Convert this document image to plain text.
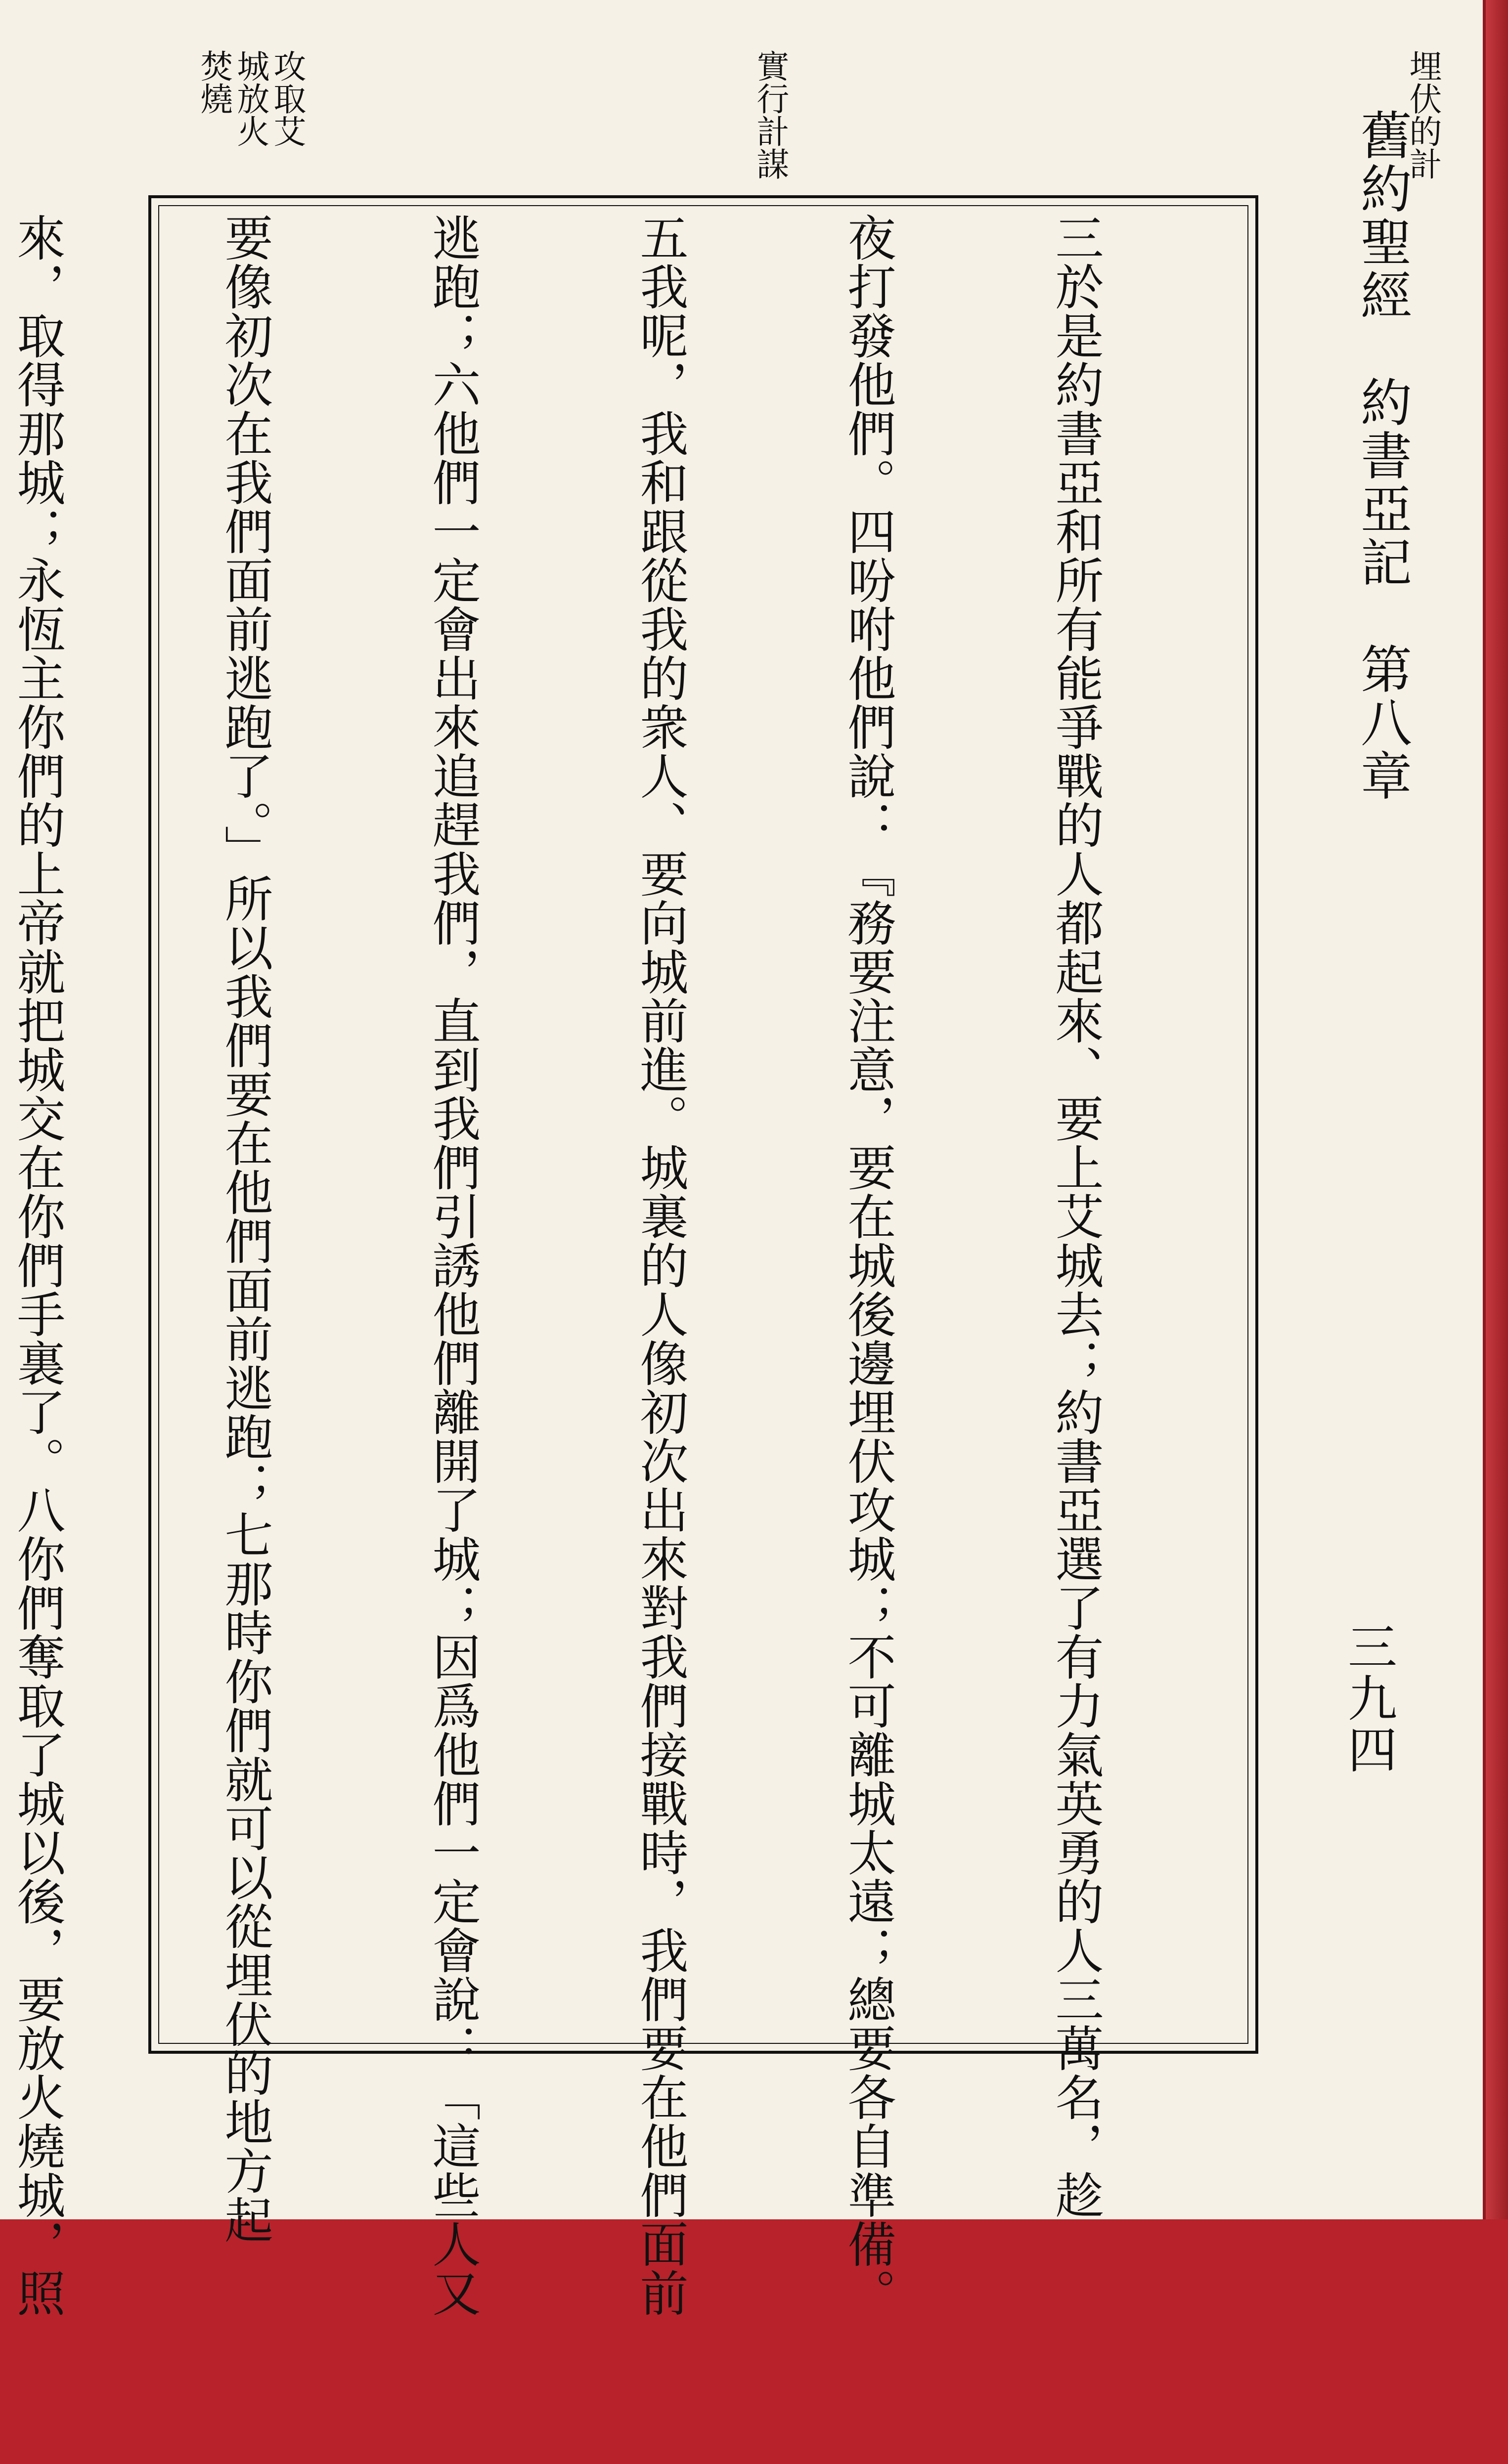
舊約聖經　約書亞記　第八章
埋伏的計
實行計謀
攻取艾城放火焚燒

三於是約書亞和所有能爭戰的人都起來、要上艾城去；約書亞選了有力氣英勇的人三萬名，趁

夜打發他們。四吩咐他們說：『務要注意，要在城後邊埋伏攻城；不可離城太遠；總要各自準備。

五我呢，我和跟從我的衆人、要向城前進。城裏的人像初次出來對我們接戰時，我們要在他們面前

逃跑；六他們一定會出來追趕我們，直到我們引誘他們離開了城；因爲他們一定會說：「這些人又

要像初次在我們面前逃跑了。」所以我們要在他們面前逃跑；七那時你們就可以從埋伏的地方起

來，取得那城；永恆主你們的上帝就把城交在你們手裏了。八你們奪取了城以後，要放火燒城，照

	三九四
